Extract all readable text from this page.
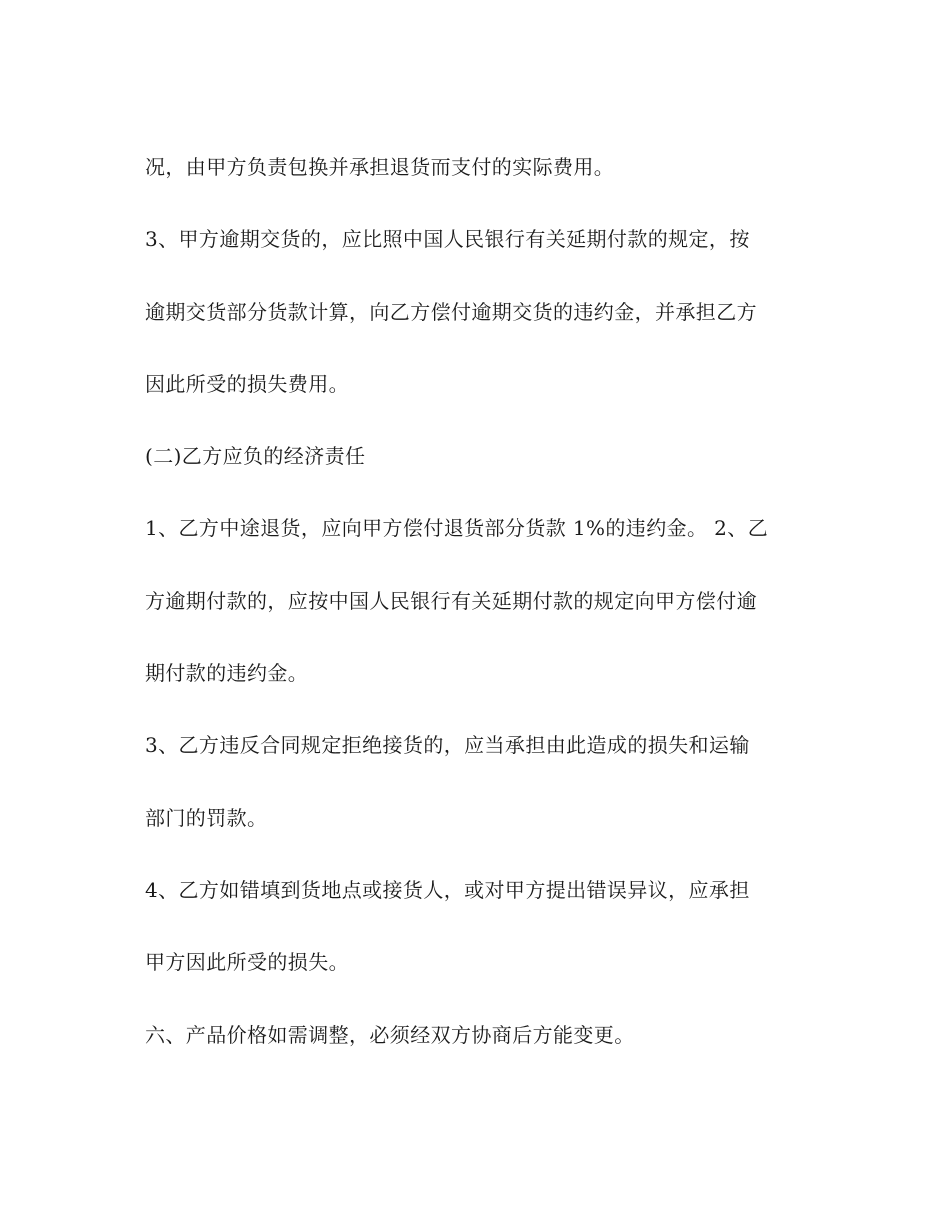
况，由甲方负责包换并承担退货而支付的实际费用。

3、甲方逾期交货的，应比照中国人民银行有关延期付款的规定，按

逾期交货部分货款计算，向乙方偿付逾期交货的违约金，并承担乙方

因此所受的损失费用。

(二)乙方应负的经济责任

1、乙方中途退货，应向甲方偿付退货部分货款 1%的违约金。 2、乙

方逾期付款的，应按中国人民银行有关延期付款的规定向甲方偿付逾

期付款的违约金。

3、乙方违反合同规定拒绝接货的，应当承担由此造成的损失和运输

部门的罚款。

4、乙方如错填到货地点或接货人，或对甲方提出错误异议，应承担

甲方因此所受的损失。

六、产品价格如需调整，必须经双方协商后方能变更。
